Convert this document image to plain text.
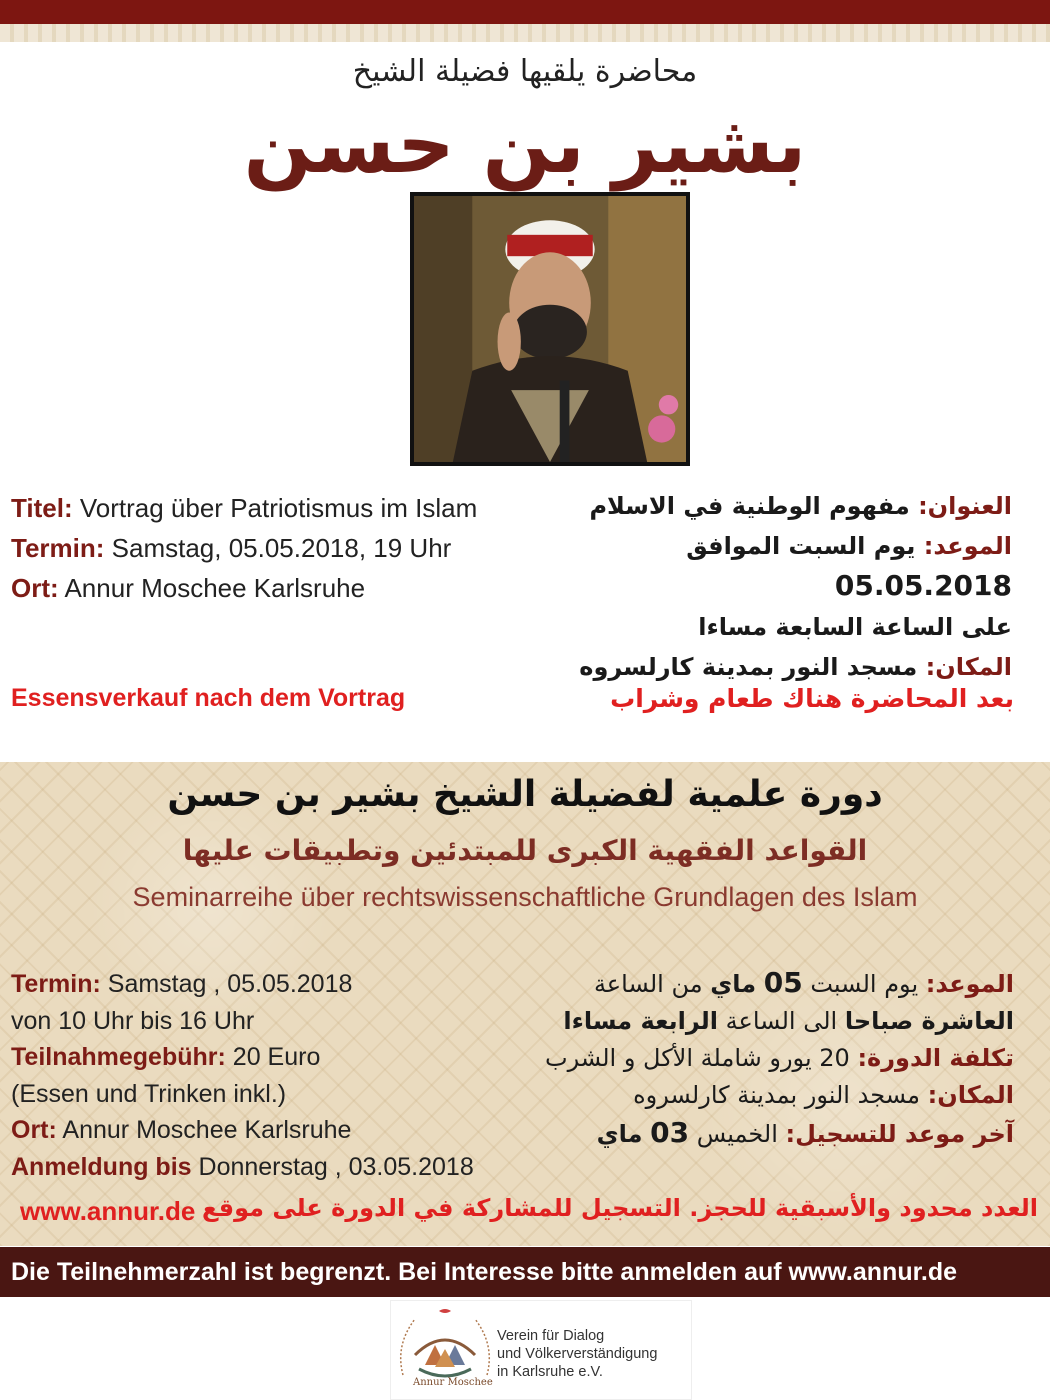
محاضرة يلقيها فضيلة الشيخ
بشير بن حسن
Titel: Vortrag über Patriotismus im Islam
Termin: Samstag, 05.05.2018, 19 Uhr
Ort: Annur Moschee Karlsruhe
العنوان: مفهوم الوطنية في الاسلام
الموعد: يوم السبت الموافق 05.05.2018
على الساعة السابعة مساءا
المكان: مسجد النور بمدينة كارلسروه
Essensverkauf nach dem Vortrag	بعد المحاضرة هناك طعام وشراب
دورة علمية لفضيلة الشيخ بشير بن حسن
القواعد الفقهية الكبرى للمبتدئين وتطبيقات عليها
Seminarreihe über rechtswissenschaftliche Grundlagen des Islam
Termin: Samstag , 05.05.2018
von 10 Uhr bis 16 Uhr
Teilnahmegebühr: 20 Euro
(Essen und Trinken inkl.)
Ort: Annur Moschee Karlsruhe
Anmeldung bis Donnerstag , 03.05.2018
الموعد: يوم السبت 05 ماي من الساعة
العاشرة صباحا الى الساعة الرابعة مساءا
تكلفة الدورة: 20 يورو شاملة الأكل و الشرب
المكان: مسجد النور بمدينة كارلسروه
آخر موعد للتسجيل: الخميس 03 ماي
www.annur.de العدد محدود والأسبقية للحجز. التسجيل للمشاركة في الدورة على موقع
Die Teilnehmerzahl ist begrenzt. Bei Interesse bitte anmelden auf www.annur.de
Annur Moschee
Verein für Dialog
und Völkerverständigung
in Karlsruhe e.V.
